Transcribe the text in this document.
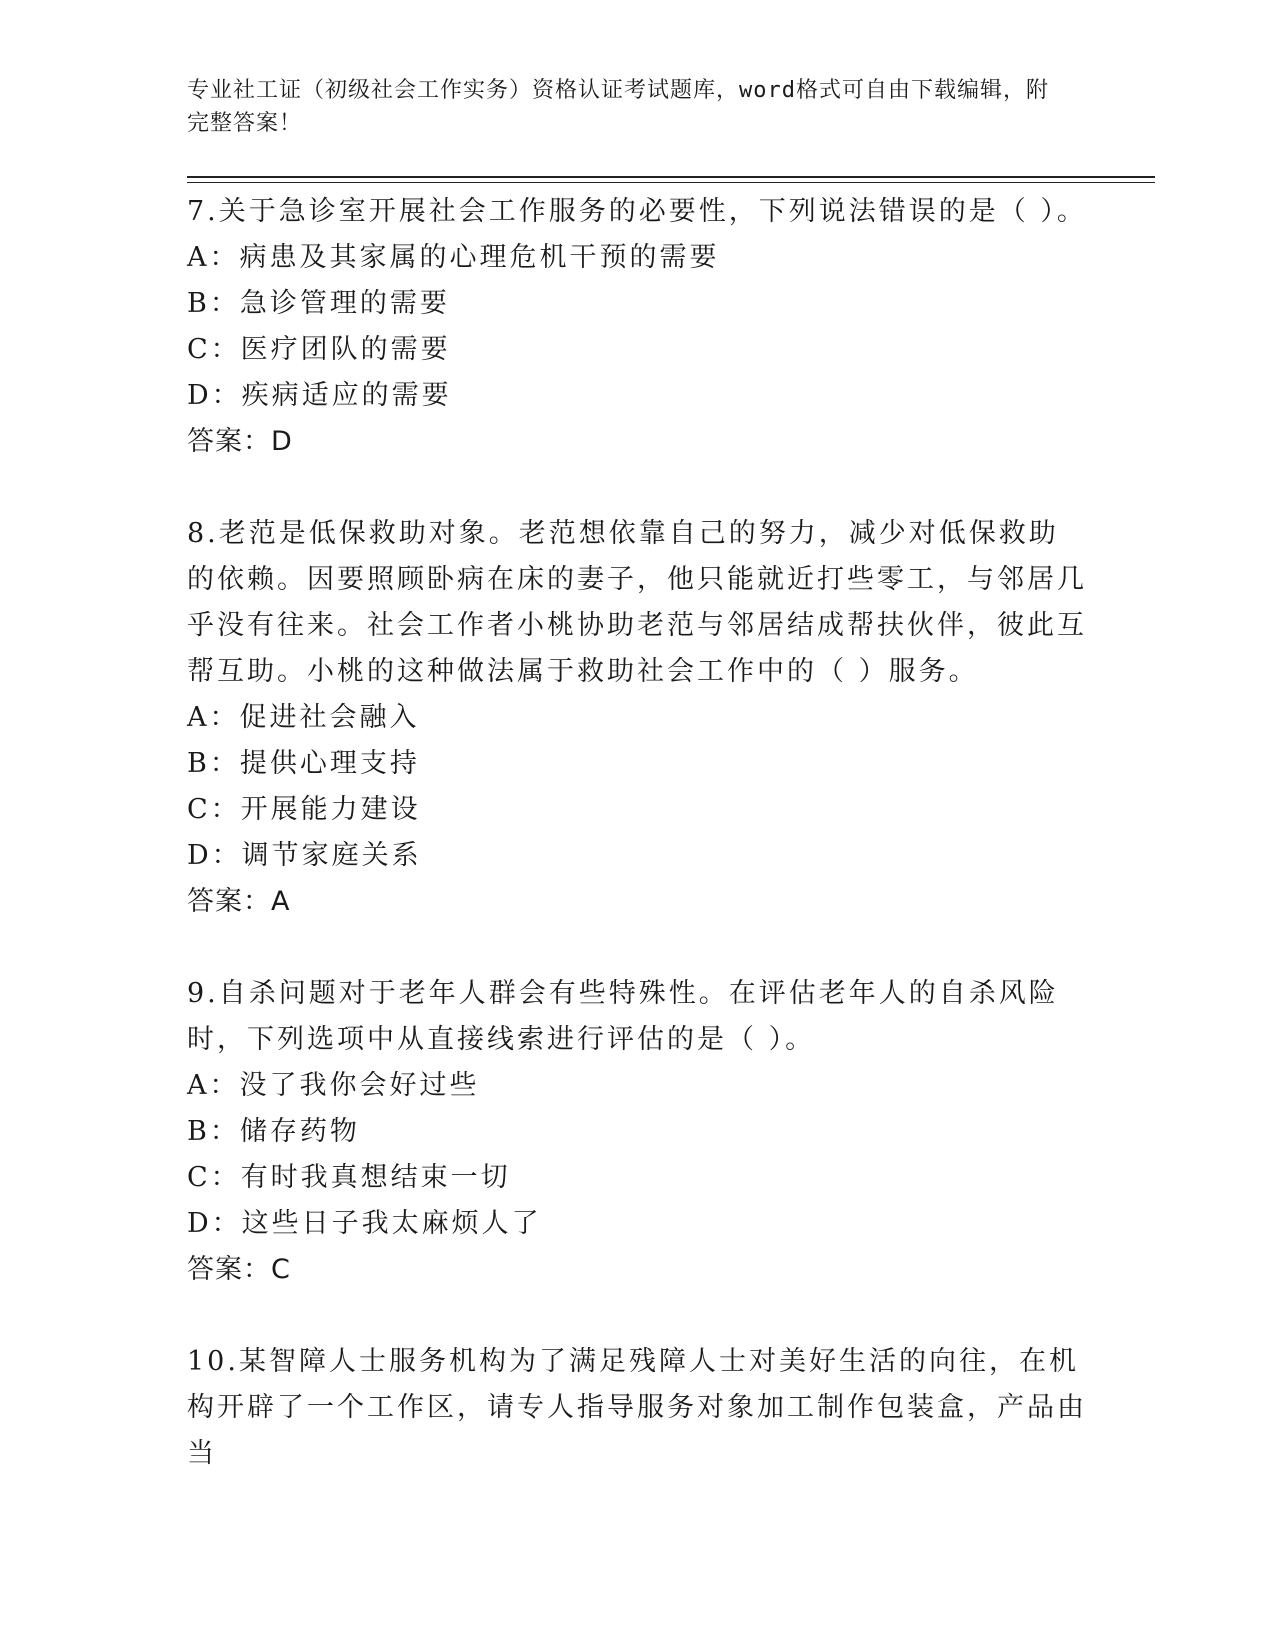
专业社工证（初级社会工作实务）资格认证考试题库，word格式可自由下载编辑，附完整答案！

7.关于急诊室开展社会工作服务的必要性，下列说法错误的是（ ）。

A：病患及其家属的心理危机干预的需要

B：急诊管理的需要

C：医疗团队的需要

D：疾病适应的需要

答案：D

8.老范是低保救助对象。老范想依靠自己的努力，减少对低保救助的依赖。因要照顾卧病在床的妻子，他只能就近打些零工，与邻居几乎没有往来。社会工作者小桃协助老范与邻居结成帮扶伙伴，彼此互帮互助。小桃的这种做法属于救助社会工作中的（ ）服务。

A：促进社会融入

B：提供心理支持

C：开展能力建设

D：调节家庭关系

答案：A

9.自杀问题对于老年人群会有些特殊性。在评估老年人的自杀风险时，下列选项中从直接线索进行评估的是（ ）。

A：没了我你会好过些

B：储存药物

C：有时我真想结束一切

D：这些日子我太麻烦人了

答案：C

10.某智障人士服务机构为了满足残障人士对美好生活的向往，在机构开辟了一个工作区，请专人指导服务对象加工制作包装盒，产品由当
